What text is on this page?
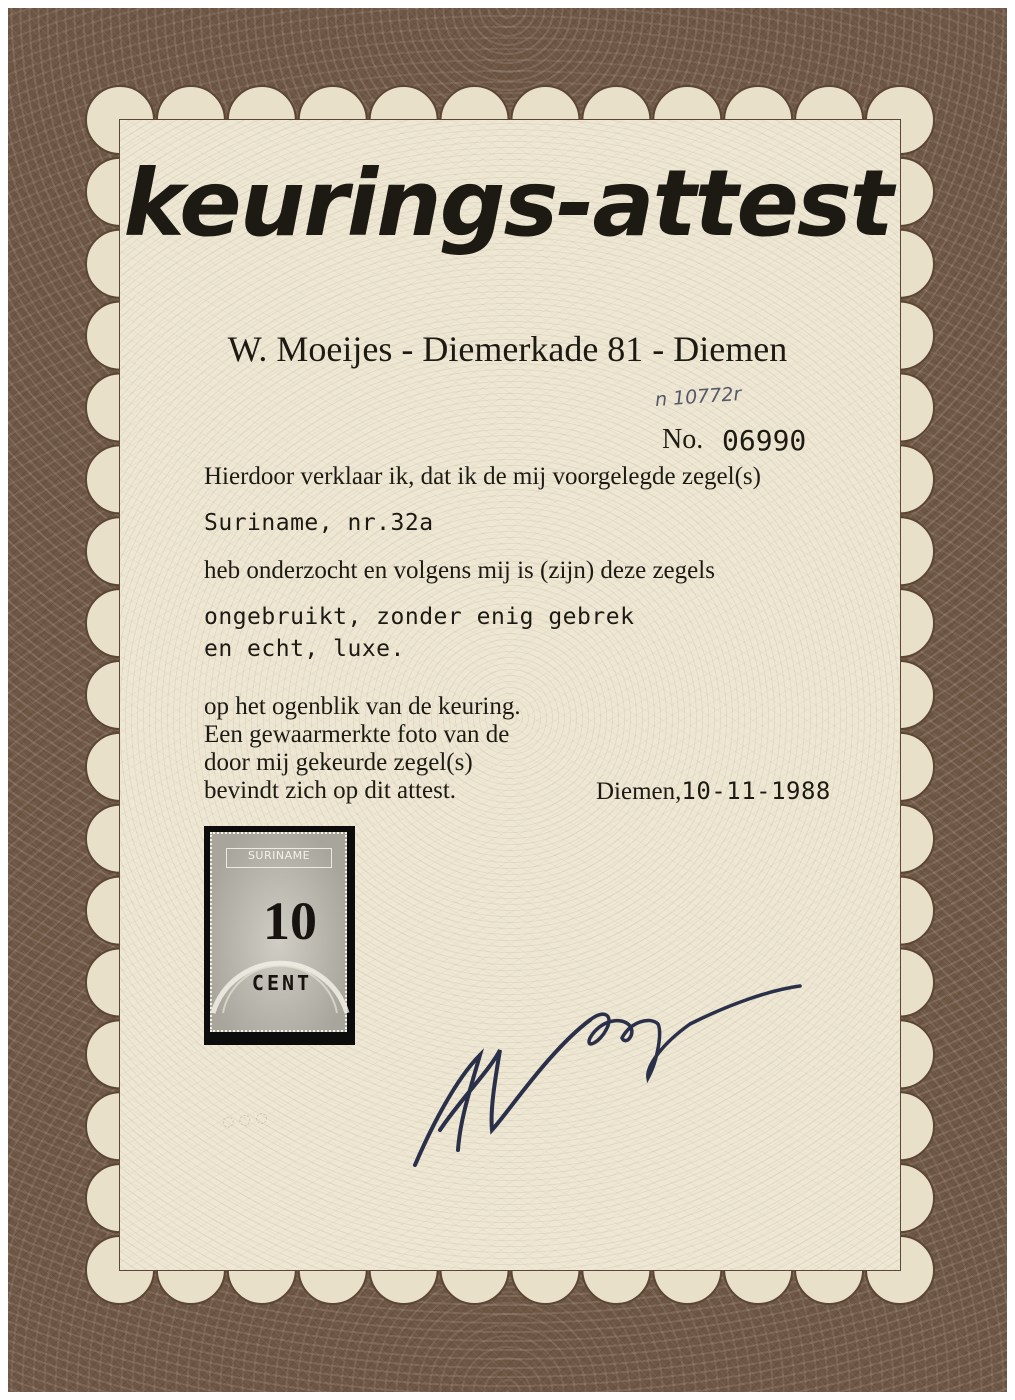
keurings-attest
W. Moeijes - Diemerkade 81 - Diemen
n 10772r
No. 06990
Hierdoor verklaar ik, dat ik de mij voorgelegde zegel(s)
Suriname, nr.32a
heb onderzocht en volgens mij is (zijn) deze zegels
ongebruikt, zonder enig gebrek
en echt, luxe.
op het ogenblik van de keuring.
Een gewaarmerkte foto van de
door mij gekeurde zegel(s)
bevindt zich op dit attest.	Diemen,10-11-1988
SURINAME
10
CENT
◌ ◌ ◌
